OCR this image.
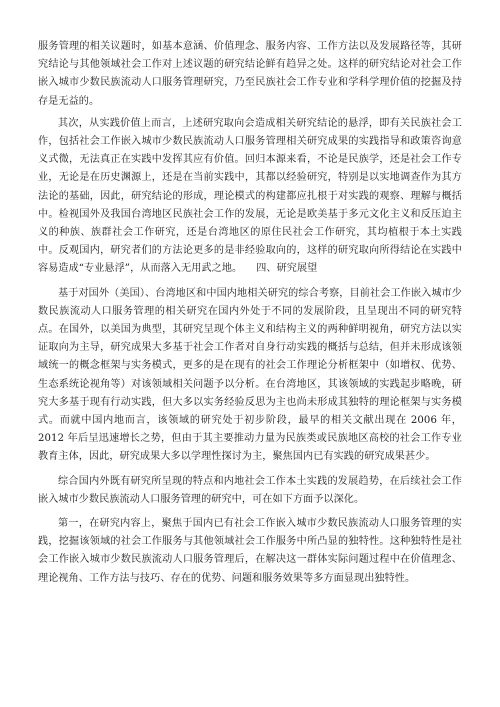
服务管理的相关议题时，如基本意涵、价值理念、服务内容、工作方法以及发展路径等，其研究结论与其他领域社会工作对上述议题的研究结论鲜有趋异之处。这样的研究结论对社会工作嵌入城市少数民族流动人口服务管理研究，乃至民族社会工作专业和学科学理价值的挖掘及持存是无益的。

其次，从实践价值上而言，上述研究取向会造成相关研究结论的悬浮，即有关民族社会工作，包括社会工作嵌入城市少数民族流动人口服务管理相关研究成果的实践指导和政策咨询意义式微，无法真正在实践中发挥其应有价值。回归本源来看，不论是民族学，还是社会工作专业，无论是在历史渊源上，还是在当前实践中，其都以经验研究，特别是以实地调查作为其方法论的基础，因此，研究结论的形成，理论模式的构建都应扎根于对实践的观察、理解与概括中。检视国外及我国台湾地区民族社会工作的发展，无论是欧美基于多元文化主义和反压迫主义的种族、族群社会工作研究，还是台湾地区的原住民社会工作研究，其均植根于本土实践中。反观国内，研究者们的方法论更多的是非经验取向的，这样的研究取向所得结论在实践中容易造成“专业悬浮”，从而落入无用武之地。 四、研究展望

基于对国外（美国）、台湾地区和中国内地相关研究的综合考察，目前社会工作嵌入城市少数民族流动人口服务管理的相关研究在国内外处于不同的发展阶段，且呈现出不同的研究特点。在国外，以美国为典型，其研究呈现个体主义和结构主义的两种鲜明视角，研究方法以实证取向为主导，研究成果大多基于社会工作者对自身行动实践的概括与总结，但并未形成该领域统一的概念框架与实务模式，更多的是在现有的社会工作理论分析框架中（如增权、优势、生态系统论视角等）对该领域相关问题予以分析。在台湾地区，其该领域的实践起步略晚，研究大多基于现有行动实践，但大多以实务经验反思为主也尚未形成其独特的理论框架与实务模式。而就中国内地而言，该领域的研究处于初步阶段，最早的相关文献出现在 2006 年，2012 年后呈迅速增长之势，但由于其主要推动力量为民族类或民族地区高校的社会工作专业教育主体，因此，研究成果大多以学理性探讨为主，聚焦国内已有实践的研究成果甚少。

综合国内外既有研究所呈现的特点和内地社会工作本土实践的发展趋势，在后续社会工作嵌入城市少数民族流动人口服务管理的研究中，可在如下方面予以深化。

第一，在研究内容上，聚焦于国内已有社会工作嵌入城市少数民族流动人口服务管理的实践，挖掘该领域的社会工作服务与其他领域社会工作服务中所凸显的独特性。这种独特性是社会工作嵌入城市少数民族流动人口服务管理后，在解决这一群体实际问题过程中在价值理念、理论视角、工作方法与技巧、存在的优势、问题和服务效果等多方面显现出独特性。
